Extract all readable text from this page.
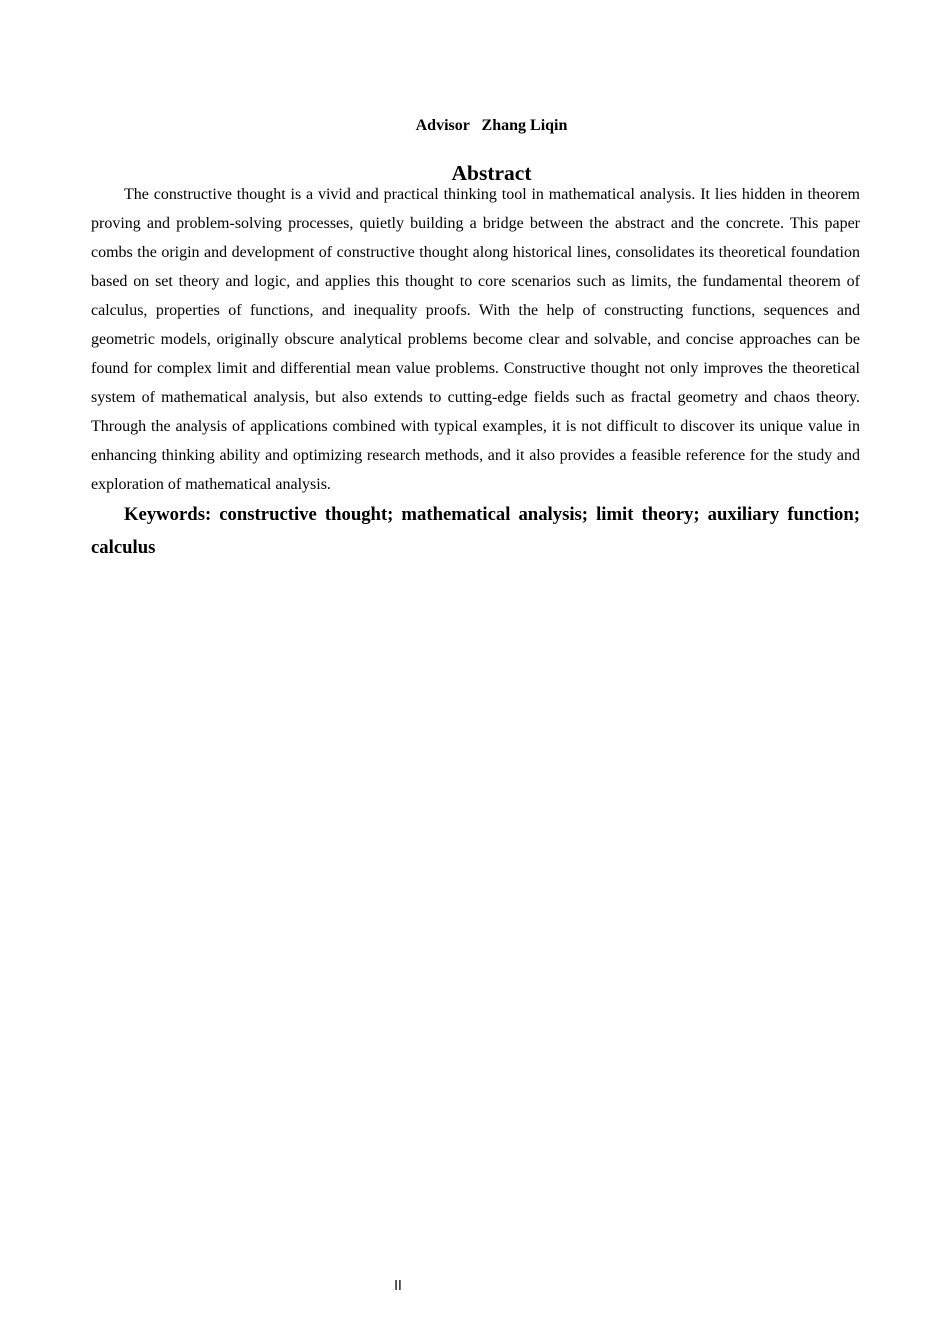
Advisor Zhang Liqin
Abstract

The constructive thought is a vivid and practical thinking tool in mathematical analysis. It lies hidden in theorem proving and problem-solving processes, quietly building a bridge between the abstract and the concrete. This paper combs the origin and development of constructive thought along historical lines, consolidates its theoretical foundation based on set theory and logic, and applies this thought to core scenarios such as limits, the fundamental theorem of calculus, properties of functions, and inequality proofs. With the help of constructing functions, sequences and geometric models, originally obscure analytical problems become clear and solvable, and concise approaches can be found for complex limit and differential mean value problems. Constructive thought not only improves the theoretical system of mathematical analysis, but also extends to cutting-edge fields such as fractal geometry and chaos theory. Through the analysis of applications combined with typical examples, it is not difficult to discover its unique value in enhancing thinking ability and optimizing research methods, and it also provides a feasible reference for the study and exploration of mathematical analysis.

Keywords: constructive thought; mathematical analysis; limit theory; auxiliary function; calculus

II
